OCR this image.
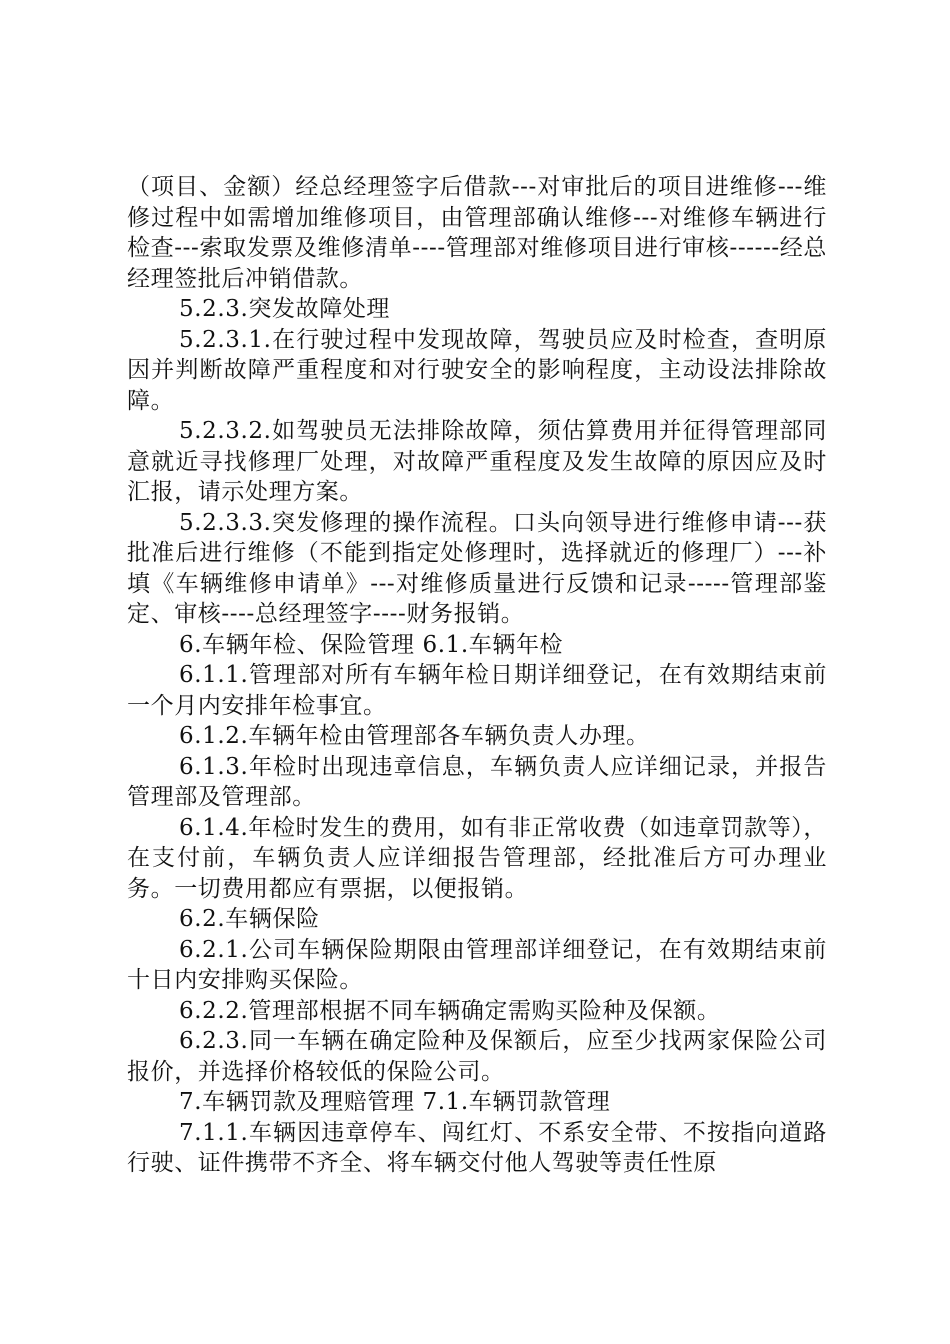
（项目、金额）经总经理签字后借款---对审批后的项目进维修---维修过程中如需增加维修项目，由管理部确认维修---对维修车辆进行检查---索取发票及维修清单----管理部对维修项目进行审核------经总经理签批后冲销借款。

5.2.3.突发故障处理

5.2.3.1.在行驶过程中发现故障，驾驶员应及时检查，查明原因并判断故障严重程度和对行驶安全的影响程度，主动设法排除故障。

5.2.3.2.如驾驶员无法排除故障，须估算费用并征得管理部同意就近寻找修理厂处理，对故障严重程度及发生故障的原因应及时汇报，请示处理方案。

5.2.3.3.突发修理的操作流程。口头向领导进行维修申请---获批准后进行维修（不能到指定处修理时，选择就近的修理厂）---补填《车辆维修申请单》---对维修质量进行反馈和记录-----管理部鉴定、审核----总经理签字----财务报销。

6.车辆年检、保险管理 6.1.车辆年检

6.1.1.管理部对所有车辆年检日期详细登记，在有效期结束前一个月内安排年检事宜。

6.1.2.车辆年检由管理部各车辆负责人办理。

6.1.3.年检时出现违章信息，车辆负责人应详细记录，并报告管理部及管理部。

6.1.4.年检时发生的费用，如有非正常收费（如违章罚款等），在支付前，车辆负责人应详细报告管理部，经批准后方可办理业务。一切费用都应有票据，以便报销。

6.2.车辆保险

6.2.1.公司车辆保险期限由管理部详细登记，在有效期结束前十日内安排购买保险。

6.2.2.管理部根据不同车辆确定需购买险种及保额。

6.2.3.同一车辆在确定险种及保额后，应至少找两家保险公司报价，并选择价格较低的保险公司。

7.车辆罚款及理赔管理 7.1.车辆罚款管理

7.1.1.车辆因违章停车、闯红灯、不系安全带、不按指向道路行驶、证件携带不齐全、将车辆交付他人驾驶等责任性原
